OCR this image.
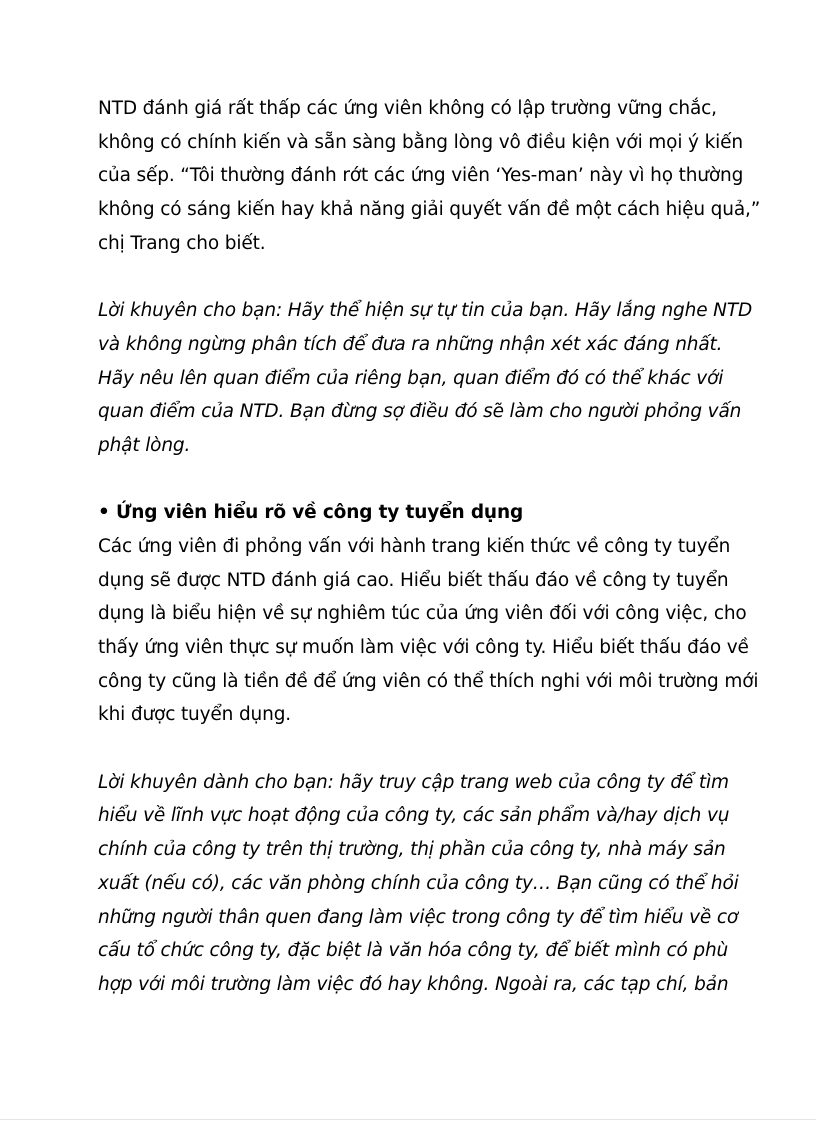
NTD đánh giá rất thấp các ứng viên không có lập trường vững chắc,
không có chính kiến và sẵn sàng bằng lòng vô điều kiện với mọi ý kiến
của sếp. “Tôi thường đánh rớt các ứng viên ‘Yes-man’ này vì họ thường
không có sáng kiến hay khả năng giải quyết vấn đề một cách hiệu quả,”
chị Trang cho biết.
Lời khuyên cho bạn: Hãy thể hiện sự tự tin của bạn. Hãy lắng nghe NTD
và không ngừng phân tích để đưa ra những nhận xét xác đáng nhất.
Hãy nêu lên quan điểm của riêng bạn, quan điểm đó có thể khác với
quan điểm của NTD. Bạn đừng sợ điều đó sẽ làm cho người phỏng vấn
phật lòng.
• Ứng viên hiểu rõ về công ty tuyển dụng
Các ứng viên đi phỏng vấn với hành trang kiến thức về công ty tuyển
dụng sẽ được NTD đánh giá cao. Hiểu biết thấu đáo về công ty tuyển
dụng là biểu hiện về sự nghiêm túc của ứng viên đối với công việc, cho
thấy ứng viên thực sự muốn làm việc với công ty. Hiểu biết thấu đáo về
công ty cũng là tiền đề để ứng viên có thể thích nghi với môi trường mới
khi được tuyển dụng.
Lời khuyên dành cho bạn: hãy truy cập trang web của công ty để tìm
hiểu về lĩnh vực hoạt động của công ty, các sản phẩm và/hay dịch vụ
chính của công ty trên thị trường, thị phần của công ty, nhà máy sản
xuất (nếu có), các văn phòng chính của công ty… Bạn cũng có thể hỏi
những người thân quen đang làm việc trong công ty để tìm hiểu về cơ
cấu tổ chức công ty, đặc biệt là văn hóa công ty, để biết mình có phù
hợp với môi trường làm việc đó hay không. Ngoài ra, các tạp chí, bản
